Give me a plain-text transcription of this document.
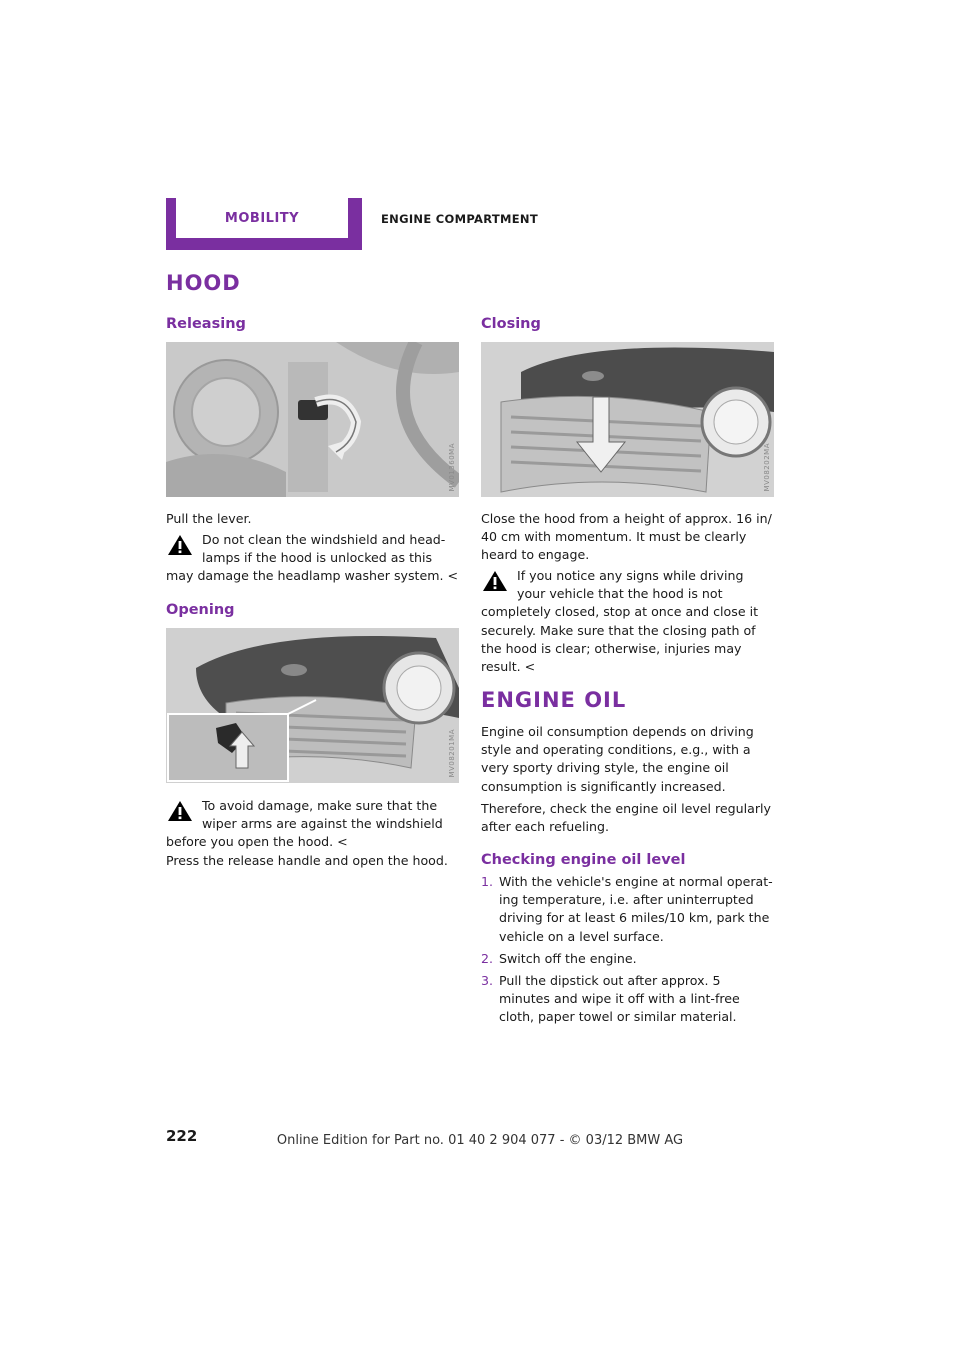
MOBILITY	ENGINE COMPARTMENT
HOOD
Releasing
MV01360MA

Pull the lever.

Do not clean the windshield and head-lamps if the hood is unlocked as this may damage the headlamp washer system. <
Opening
MV08201MA
To avoid damage, make sure that the wiper arms are against the windshield before you open the hood. <

Press the release handle and open the hood.

Closing
MV08202MA

Close the hood from a height of approx. 16 in/ 40 cm with momentum. It must be clearly heard to engage.

If you notice any signs while driving your vehicle that the hood is not completely closed, stop at once and close it securely. Make sure that the closing path of the hood is clear; otherwise, injuries may result. <
ENGINE OIL

Engine oil consumption depends on driving style and operating conditions, e.g., with a very sporty driving style, the engine oil consumption is significantly increased.

Therefore, check the engine oil level regularly after each refueling.

Checking engine oil level
1. With the vehicle's engine at normal operat-ing temperature, i.e. after uninterrupted driving for at least 6 miles/10 km, park the vehicle on a level surface.
2. Switch off the engine.
3. Pull the dipstick out after approx. 5 minutes and wipe it off with a lint-free cloth, paper towel or similar material.
222	Online Edition for Part no. 01 40 2 904 077 - © 03/12 BMW AG
